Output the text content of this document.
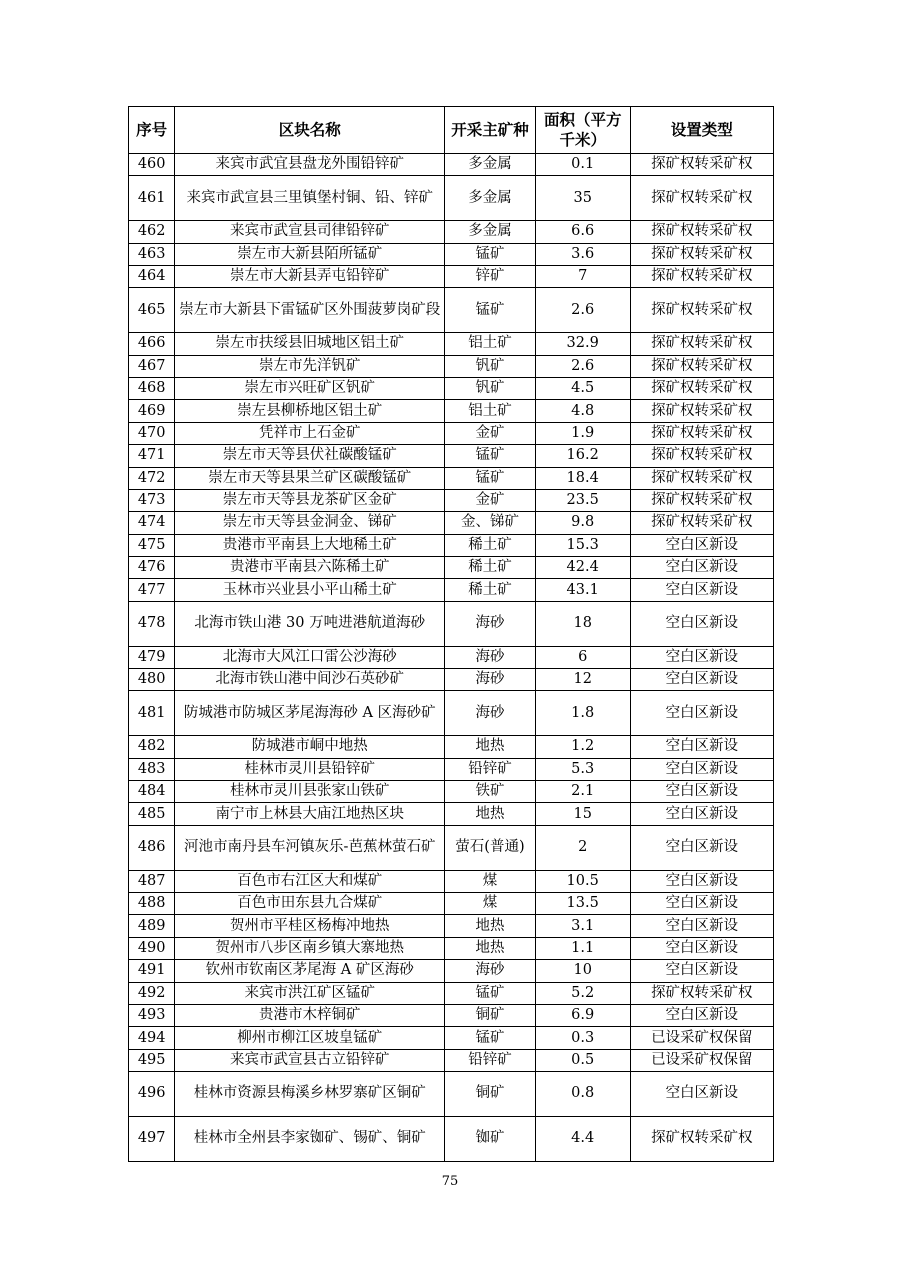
序号	区块名称	开采主矿种	面积（平方千米）	设置类型
460	来宾市武宜县盘龙外围铅锌矿	多金属	0.1	探矿权转采矿权
461	来宾市武宣县三里镇堡村铜、铅、锌矿	多金属	35	探矿权转采矿权
462	来宾市武宣县司律铅锌矿	多金属	6.6	探矿权转采矿权
463	崇左市大新县陌所锰矿	锰矿	3.6	探矿权转采矿权
464	崇左市大新县弄屯铅锌矿	锌矿	7	探矿权转采矿权
465	崇左市大新县下雷锰矿区外围菠萝岗矿段	锰矿	2.6	探矿权转采矿权
466	崇左市扶绥县旧城地区铝土矿	铝土矿	32.9	探矿权转采矿权
467	崇左市先洋钒矿	钒矿	2.6	探矿权转采矿权
468	崇左市兴旺矿区钒矿	钒矿	4.5	探矿权转采矿权
469	崇左县柳桥地区铝土矿	铝土矿	4.8	探矿权转采矿权
470	凭祥市上石金矿	金矿	1.9	探矿权转采矿权
471	崇左市天等县伏社碳酸锰矿	锰矿	16.2	探矿权转采矿权
472	崇左市天等县果兰矿区碳酸锰矿	锰矿	18.4	探矿权转采矿权
473	崇左市天等县龙茶矿区金矿	金矿	23.5	探矿权转采矿权
474	崇左市天等县金洞金、锑矿	金、锑矿	9.8	探矿权转采矿权
475	贵港市平南县上大地稀土矿	稀土矿	15.3	空白区新设
476	贵港市平南县六陈稀土矿	稀土矿	42.4	空白区新设
477	玉林市兴业县小平山稀土矿	稀土矿	43.1	空白区新设
478	北海市铁山港 30 万吨进港航道海砂	海砂	18	空白区新设
479	北海市大风江口雷公沙海砂	海砂	6	空白区新设
480	北海市铁山港中间沙石英砂矿	海砂	12	空白区新设
481	防城港市防城区茅尾海海砂 A 区海砂矿	海砂	1.8	空白区新设
482	防城港市峒中地热	地热	1.2	空白区新设
483	桂林市灵川县铅锌矿	铅锌矿	5.3	空白区新设
484	桂林市灵川县张家山铁矿	铁矿	2.1	空白区新设
485	南宁市上林县大庙江地热区块	地热	15	空白区新设
486	河池市南丹县车河镇灰乐-芭蕉林萤石矿	萤石(普通)	2	空白区新设
487	百色市右江区大和煤矿	煤	10.5	空白区新设
488	百色市田东县九合煤矿	煤	13.5	空白区新设
489	贺州市平桂区杨梅冲地热	地热	3.1	空白区新设
490	贺州市八步区南乡镇大寨地热	地热	1.1	空白区新设
491	钦州市钦南区茅尾海 A 矿区海砂	海砂	10	空白区新设
492	来宾市洪江矿区锰矿	锰矿	5.2	探矿权转采矿权
493	贵港市木梓铜矿	铜矿	6.9	空白区新设
494	柳州市柳江区坡皇锰矿	锰矿	0.3	已设采矿权保留
495	来宾市武宣县古立铅锌矿	铅锌矿	0.5	已设采矿权保留
496	桂林市资源县梅溪乡林罗寨矿区铜矿	铜矿	0.8	空白区新设
497	桂林市全州县李家铷矿、锡矿、铜矿	铷矿	4.4	探矿权转采矿权
75
